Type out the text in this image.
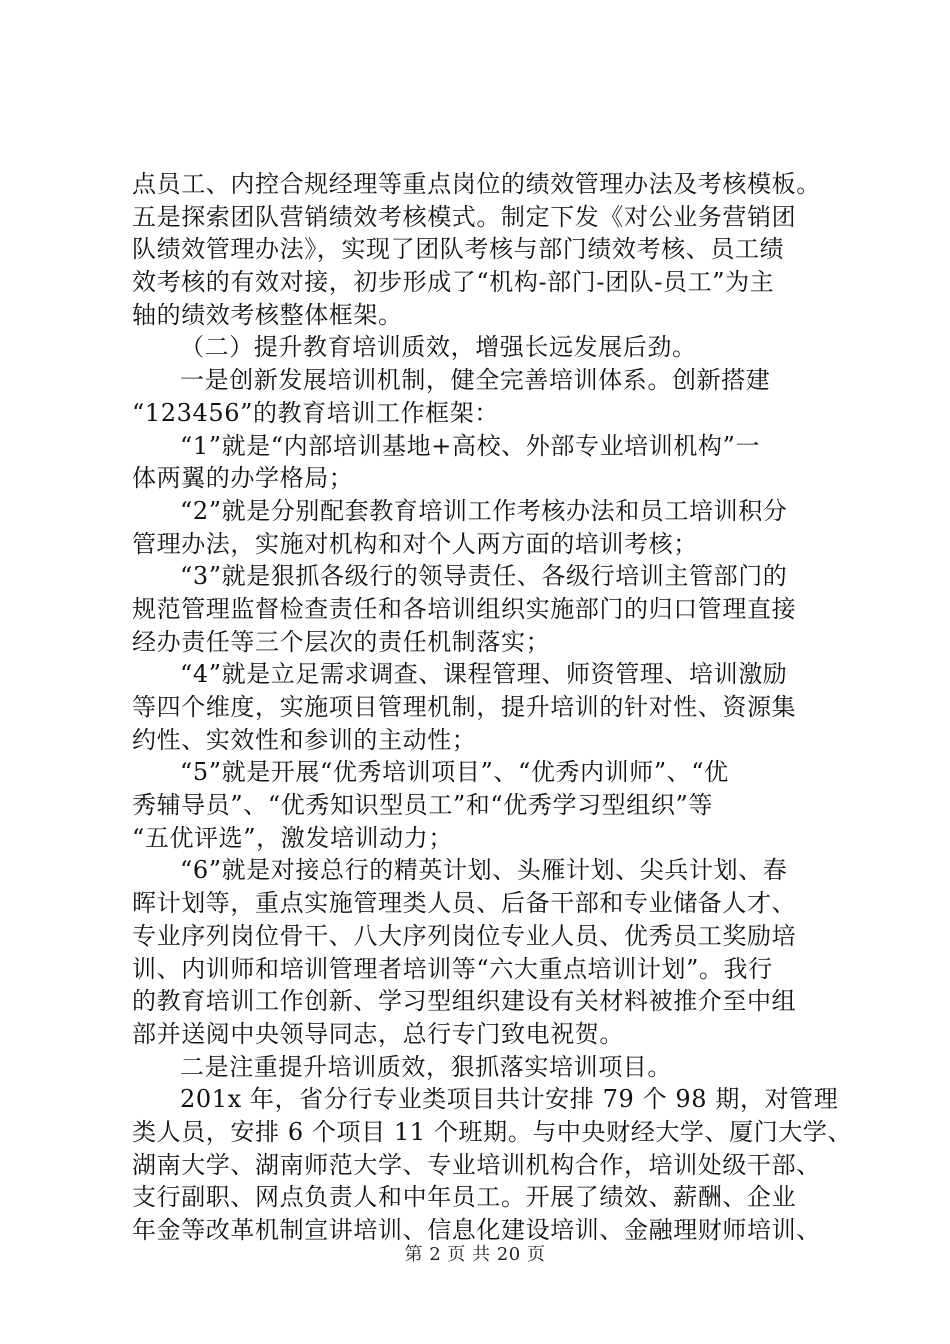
点员工、内控合规经理等重点岗位的绩效管理办法及考核模板。
五是探索团队营销绩效考核模式。制定下发《对公业务营销团
队绩效管理办法》，实现了团队考核与部门绩效考核、员工绩
效考核的有效对接，初步形成了“机构-部门-团队-员工”为主
轴的绩效考核整体框架。
（二）提升教育培训质效，增强长远发展后劲。
一是创新发展培训机制，健全完善培训体系。创新搭建
“123456”的教育培训工作框架：
“1”就是“内部培训基地+高校、外部专业培训机构”一
体两翼的办学格局；
“2”就是分别配套教育培训工作考核办法和员工培训积分
管理办法，实施对机构和对个人两方面的培训考核；
“3”就是狠抓各级行的领导责任、各级行培训主管部门的
规范管理监督检查责任和各培训组织实施部门的归口管理直接
经办责任等三个层次的责任机制落实；
“4”就是立足需求调查、课程管理、师资管理、培训激励
等四个维度，实施项目管理机制，提升培训的针对性、资源集
约性、实效性和参训的主动性；
“5”就是开展“优秀培训项目”、“优秀内训师”、“优
秀辅导员”、“优秀知识型员工”和“优秀学习型组织”等
“五优评选”，激发培训动力；
“6”就是对接总行的精英计划、头雁计划、尖兵计划、春
晖计划等，重点实施管理类人员、后备干部和专业储备人才、
专业序列岗位骨干、八大序列岗位专业人员、优秀员工奖励培
训、内训师和培训管理者培训等“六大重点培训计划”。我行
的教育培训工作创新、学习型组织建设有关材料被推介至中组
部并送阅中央领导同志，总行专门致电祝贺。
二是注重提升培训质效，狠抓落实培训项目。
201x 年，省分行专业类项目共计安排 79 个 98 期，对管理
类人员，安排 6 个项目 11 个班期。与中央财经大学、厦门大学、
湖南大学、湖南师范大学、专业培训机构合作，培训处级干部、
支行副职、网点负责人和中年员工。开展了绩效、薪酬、企业
年金等改革机制宣讲培训、信息化建设培训、金融理财师培训、
第 2 页 共 20 页
